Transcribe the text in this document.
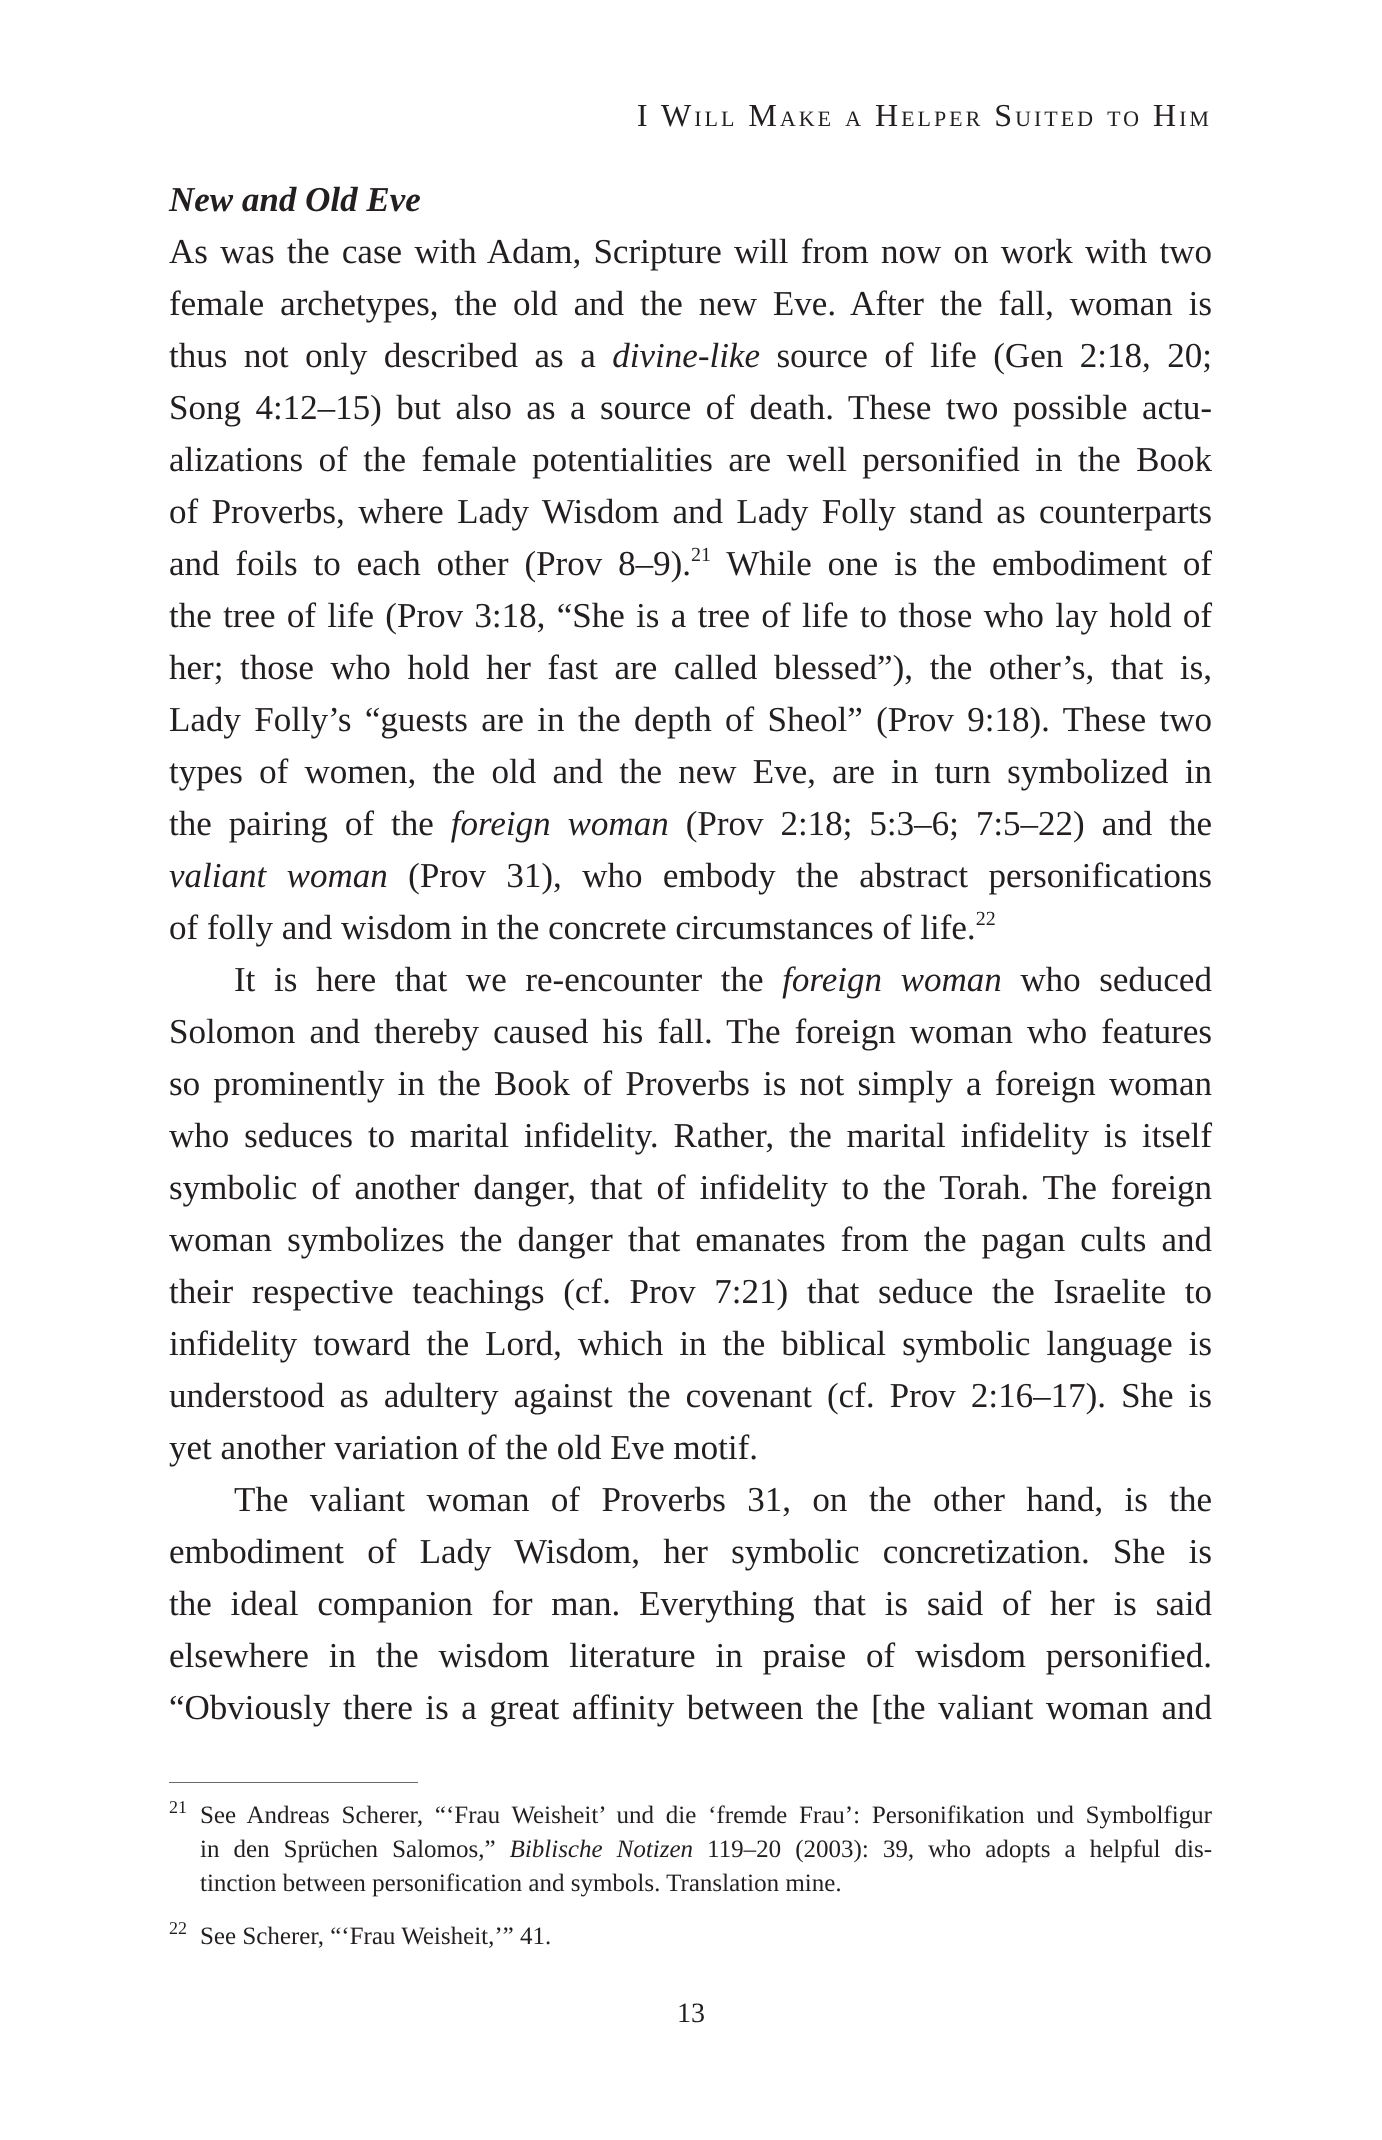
I Will Make a Helper Suited to Him
New and Old Eve
As was the case with Adam, Scripture will from now on work with two
female archetypes, the old and the new Eve. After the fall, woman is
thus not only described as a divine-like source of life (Gen 2:18, 20;
Song 4:12–15) but also as a source of death. These two possible actu-
alizations of the female potentialities are well personified in the Book
of Proverbs, where Lady Wisdom and Lady Folly stand as counterparts
and foils to each other (Prov 8–9).$^{21}$ While one is the embodiment of
the tree of life (Prov 3:18, “She is a tree of life to those who lay hold of
her; those who hold her fast are called blessed”), the other’s, that is,
Lady Folly’s “guests are in the depth of Sheol” (Prov 9:18). These two
types of women, the old and the new Eve, are in turn symbolized in
the pairing of the foreign woman (Prov 2:18; 5:3–6; 7:5–22) and the
valiant woman (Prov 31), who embody the abstract personifications
of folly and wisdom in the concrete circumstances of life.$^{22}$
It is here that we re-encounter the foreign woman who seduced
Solomon and thereby caused his fall. The foreign woman who features
so prominently in the Book of Proverbs is not simply a foreign woman
who seduces to marital infidelity. Rather, the marital infidelity is itself
symbolic of another danger, that of infidelity to the Torah. The foreign
woman symbolizes the danger that emanates from the pagan cults and
their respective teachings (cf. Prov 7:21) that seduce the Israelite to
infidelity toward the Lord, which in the biblical symbolic language is
understood as adultery against the covenant (cf. Prov 2:16–17). She is
yet another variation of the old Eve motif.
The valiant woman of Proverbs 31, on the other hand, is the
embodiment of Lady Wisdom, her symbolic concretization. She is
the ideal companion for man. Everything that is said of her is said
elsewhere in the wisdom literature in praise of wisdom personified.
“Obviously there is a great affinity between the [the valiant woman and
21 See Andreas Scherer, “‘Frau Weisheit’ und die ‘fremde Frau’: Personifikation und Symbolfigur
in den Sprüchen Salomos,” Biblische Notizen 119–20 (2003): 39, who adopts a helpful dis-
tinction between personification and symbols. Translation mine.
22 See Scherer, “‘Frau Weisheit,’” 41.
13
